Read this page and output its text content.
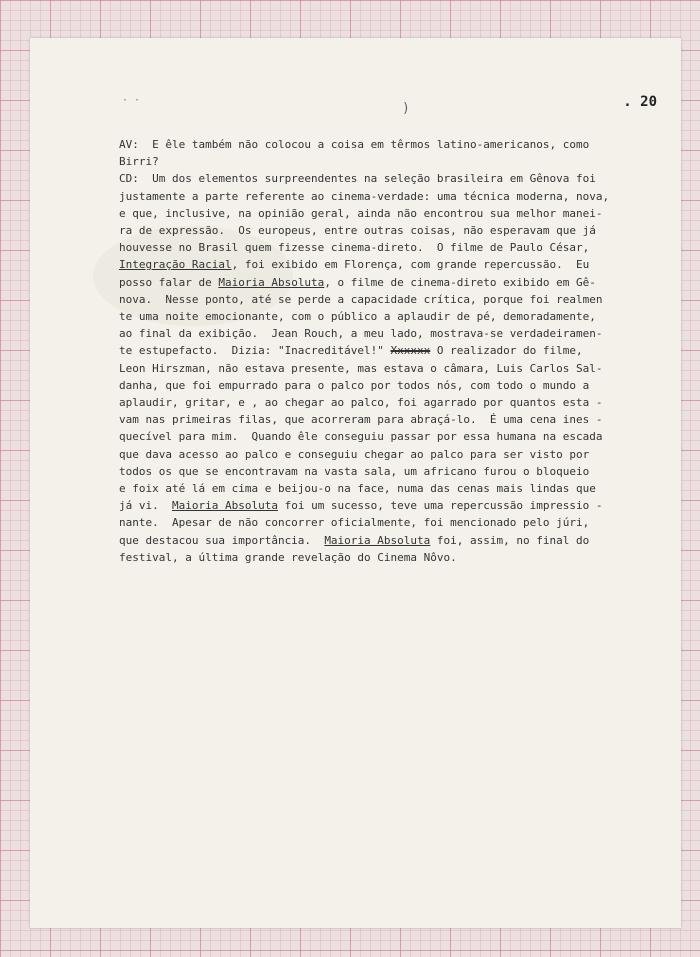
· ·
)	. 20
AV:  E êle também não colocou a coisa em têrmos latino-americanos, como
Birri?
CD:  Um dos elementos surpreendentes na seleção brasileira em Gênova foi
justamente a parte referente ao cinema-verdade: uma técnica moderna, nova,
e que, inclusive, na opinião geral, ainda não encontrou sua melhor manei-
ra de expressão.  Os europeus, entre outras coisas, não esperavam que já
houvesse no Brasil quem fizesse cinema-direto.  O filme de Paulo César,
Integração Racial, foi exibido em Florença, com grande repercussão.  Eu
posso falar de Maioria Absoluta, o filme de cinema-direto exibido em Gê-
nova.  Nesse ponto, até se perde a capacidade crítica, porque foi realmen
te uma noite emocionante, com o público a aplaudir de pé, demoradamente,
ao final da exibição.  Jean Rouch, a meu lado, mostrava-se verdadeiramen-
te estupefacto.  Dizia: "Inacreditável!" Xxxxxx O realizador do filme,
Leon Hirszman, não estava presente, mas estava o câmara, Luis Carlos Sal-
danha, que foi empurrado para o palco por todos nós, com todo o mundo a
aplaudir, gritar, e , ao chegar ao palco, foi agarrado por quantos esta -
vam nas primeiras filas, que acorreram para abraçá-lo.  É uma cena ines -
quecível para mim.  Quando êle conseguiu passar por essa humana na escada
que dava acesso ao palco e conseguiu chegar ao palco para ser visto por
todos os que se encontravam na vasta sala, um africano furou o bloqueio
e foix até lá em cima e beijou-o na face, numa das cenas mais lindas que
já vi.  Maioria Absoluta foi um sucesso, teve uma repercussão impressio -
nante.  Apesar de não concorrer oficialmente, foi mencionado pelo júri,
que destacou sua importância.  Maioria Absoluta foi, assim, no final do
festival, a última grande revelação do Cinema Nôvo.
